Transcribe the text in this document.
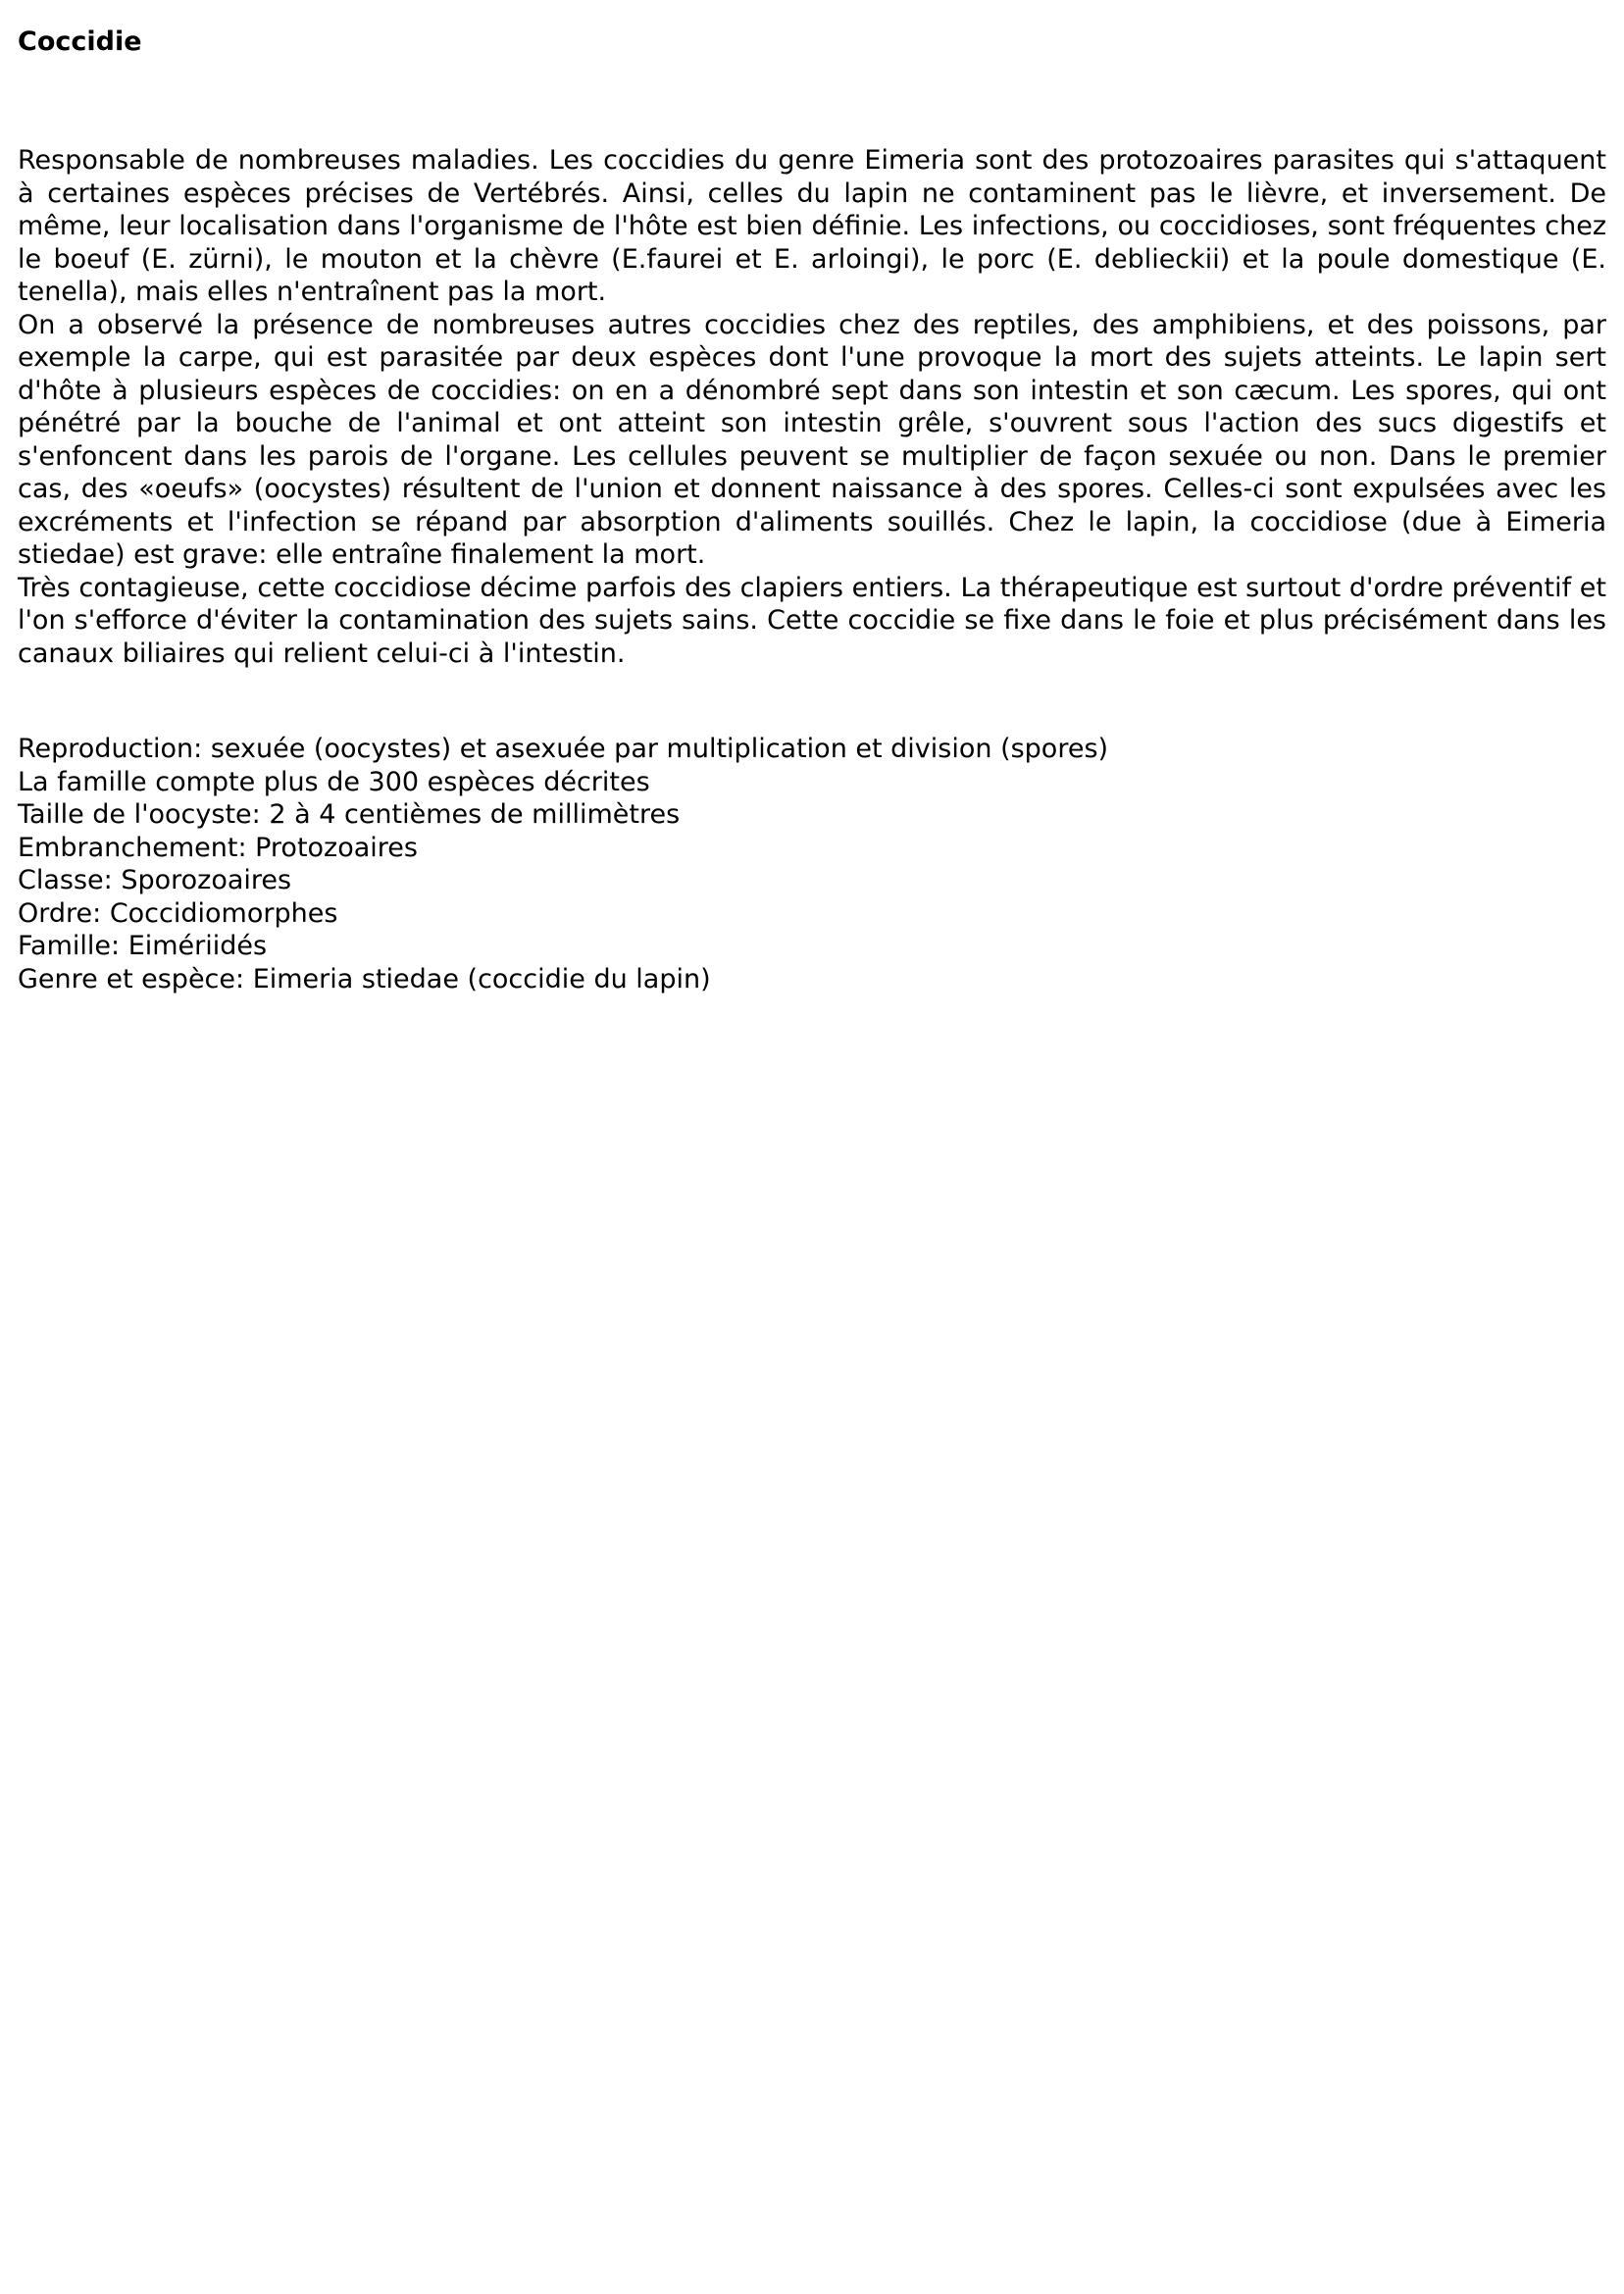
Coccidie

Responsable de nombreuses maladies. Les coccidies du genre Eimeria sont des protozoaires parasites qui s'attaquent à certaines espèces précises de Vertébrés. Ainsi, celles du lapin ne contaminent pas le lièvre, et inversement. De même, leur localisation dans l'organisme de l'hôte est bien définie. Les infections, ou coccidioses, sont fréquentes chez le boeuf (E. zürni), le mouton et la chèvre (E.faurei et E. arloingi), le porc (E. deblieckii) et la poule domestique (E. tenella), mais elles n'entraînent pas la mort.

On a observé la présence de nombreuses autres coccidies chez des reptiles, des amphibiens, et des poissons, par exemple la carpe, qui est parasitée par deux espèces dont l'une provoque la mort des sujets atteints. Le lapin sert d'hôte à plusieurs espèces de coccidies: on en a dénombré sept dans son intestin et son cæcum. Les spores, qui ont pénétré par la bouche de l'animal et ont atteint son intestin grêle, s'ouvrent sous l'action des sucs digestifs et s'enfoncent dans les parois de l'organe. Les cellules peuvent se multiplier de façon sexuée ou non. Dans le premier cas, des «oeufs» (oocystes) résultent de l'union et donnent naissance à des spores. Celles-ci sont expulsées avec les excréments et l'infection se répand par absorption d'aliments souillés. Chez le lapin, la coccidiose (due à Eimeria stiedae) est grave: elle entraîne finalement la mort.

Très contagieuse, cette coccidiose décime parfois des clapiers entiers. La thérapeutique est surtout d'ordre préventif et l'on s'efforce d'éviter la contamination des sujets sains. Cette coccidie se fixe dans le foie et plus précisément dans les canaux biliaires qui relient celui-ci à l'intestin.

Reproduction: sexuée (oocystes) et asexuée par multiplication et division (spores)
La famille compte plus de 300 espèces décrites
Taille de l'oocyste: 2 à 4 centièmes de millimètres
Embranchement: Protozoaires
Classe: Sporozoaires
Ordre: Coccidiomorphes
Famille: Eimériidés
Genre et espèce: Eimeria stiedae (coccidie du lapin)
